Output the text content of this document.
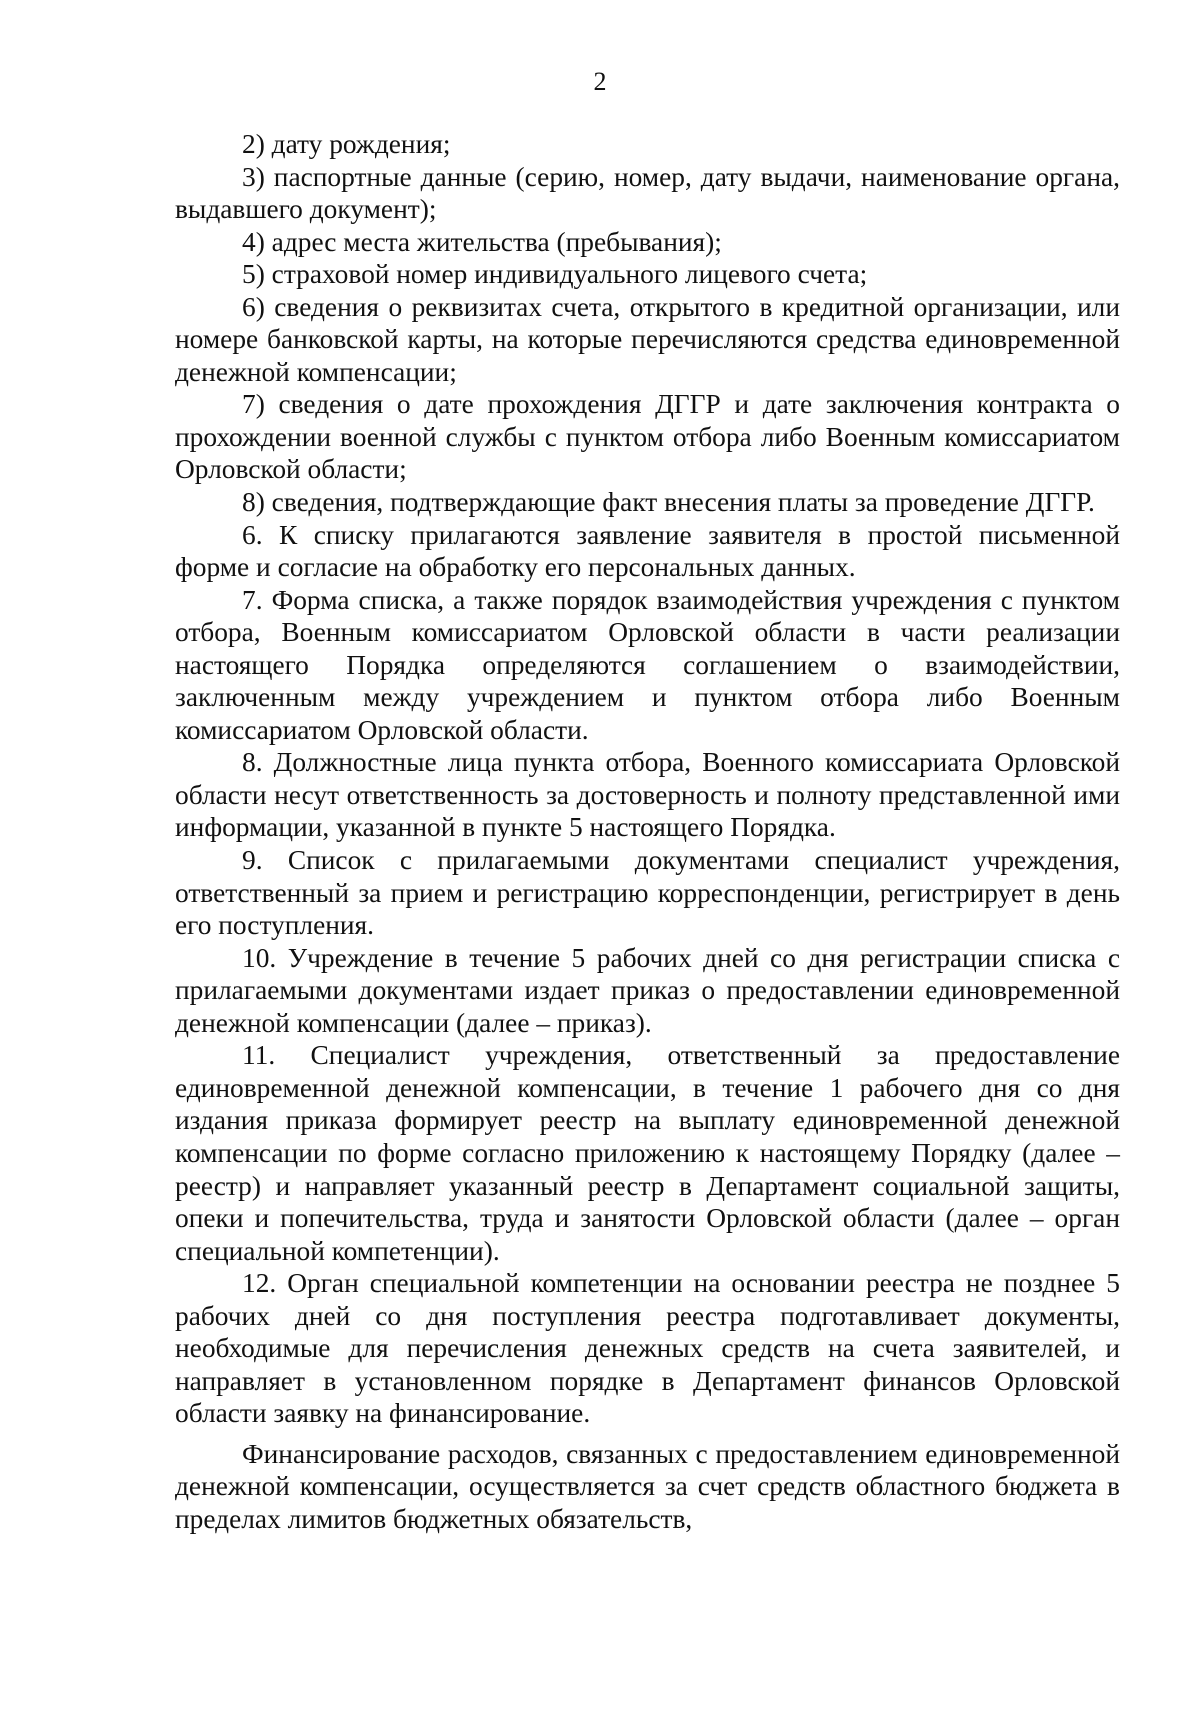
2

2) дату рождения;

3) паспортные данные (серию, номер, дату выдачи, наименование органа, выдавшего документ);

4) адрес места жительства (пребывания);

5) страховой номер индивидуального лицевого счета;

6) сведения о реквизитах счета, открытого в кредитной организации, или номере банковской карты, на которые перечисляются средства единовременной денежной компенсации;

7) сведения о дате прохождения ДГГР и дате заключения контракта о прохождении военной службы с пунктом отбора либо Военным комиссариатом Орловской области;

8) сведения, подтверждающие факт внесения платы за проведение ДГГР.

6. К списку прилагаются заявление заявителя в простой письменной форме и согласие на обработку его персональных данных.

7. Форма списка, а также порядок взаимодействия учреждения с пунктом отбора, Военным комиссариатом Орловской области в части реализации настоящего Порядка определяются соглашением о взаимодействии, заключенным между учреждением и пунктом отбора либо Военным комиссариатом Орловской области.

8. Должностные лица пункта отбора, Военного комиссариата Орловской области несут ответственность за достоверность и полноту представленной ими информации, указанной в пункте 5 настоящего Порядка.

9. Список с прилагаемыми документами специалист учреждения, ответственный за прием и регистрацию корреспонденции, регистрирует в день его поступления.

10. Учреждение в течение 5 рабочих дней со дня регистрации списка с прилагаемыми документами издает приказ о предоставлении единовременной денежной компенсации (далее – приказ).

11. Специалист учреждения, ответственный за предоставление единовременной денежной компенсации, в течение 1 рабочего дня со дня издания приказа формирует реестр на выплату единовременной денежной компенсации по форме согласно приложению к настоящему Порядку (далее – реестр) и направляет указанный реестр в Департамент социальной защиты, опеки и попечительства, труда и занятости Орловской области (далее – орган специальной компетенции).

12. Орган специальной компетенции на основании реестра не позднее 5 рабочих дней со дня поступления реестра подготавливает документы, необходимые для перечисления денежных средств на счета заявителей, и направляет в установленном порядке в Департамент финансов Орловской области заявку на финансирование.

Финансирование расходов, связанных с предоставлением единовременной денежной компенсации, осуществляется за счет средств областного бюджета в пределах лимитов бюджетных обязательств,
